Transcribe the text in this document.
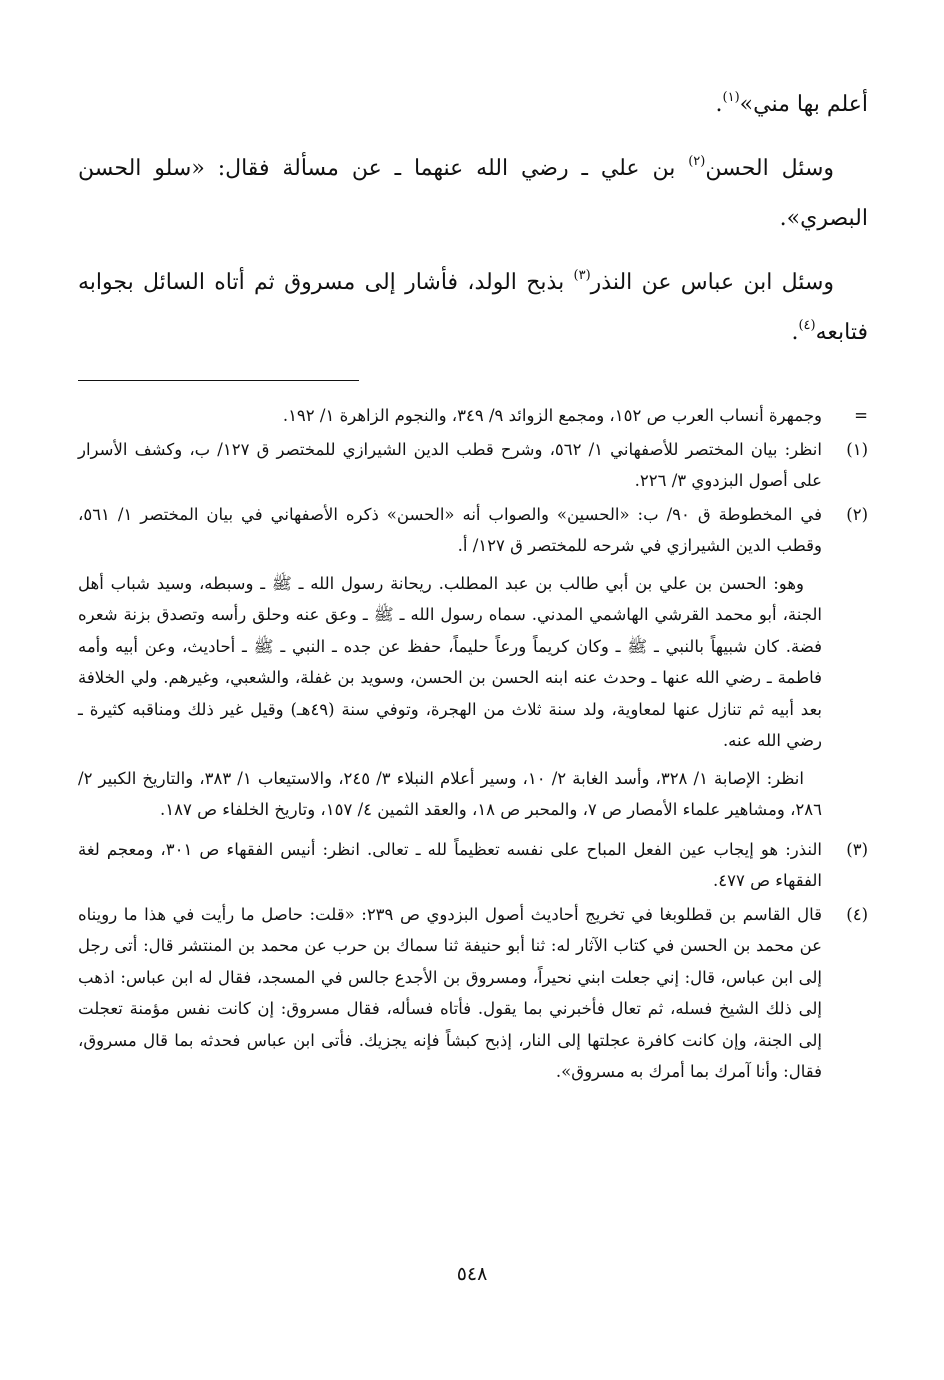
أعلم بها مني»$^{(١)}$.

وسئل الحسن$^{(٢)}$ بن علي ـ رضي الله عنهما ـ عن مسألة فقال: «سلو الحسن البصري».

وسئل ابن عباس عن النذر$^{(٣)}$ بذبح الولد، فأشار إلى مسروق ثم أتاه السائل بجوابه فتابعه$^{(٤)}$.

=
وجمهرة أنساب العرب ص ١٥٢، ومجمع الزوائد ٩/ ٣٤٩، والنجوم الزاهرة ١/ ١٩٢.
(١)
انظر: بيان المختصر للأصفهاني ١/ ٥٦٢، وشرح قطب الدين الشيرازي للمختصر ق ١٢٧/ ب، وكشف الأسرار على أصول البزدوي ٣/ ٢٢٦.
(٢)

في المخطوطة ق ٩٠/ ب: «الحسين» والصواب أنه «الحسن» ذكره الأصفهاني في بيان المختصر ١/ ٥٦١، وقطب الدين الشيرازي في شرحه للمختصر ق ١٢٧/ أ.

وهو: الحسن بن علي بن أبي طالب بن عبد المطلب. ريحانة رسول الله ـ ﷺ ـ وسبطه، وسيد شباب أهل الجنة، أبو محمد القرشي الهاشمي المدني. سماه رسول الله ـ ﷺ ـ وعق عنه وحلق رأسه وتصدق بزنة شعره فضة. كان شبيهاً بالنبي ـ ﷺ ـ وكان كريماً ورعاً حليماً، حفظ عن جده ـ النبي ـ ﷺ ـ أحاديث، وعن أبيه وأمه فاطمة ـ رضي الله عنها ـ وحدث عنه ابنه الحسن بن الحسن، وسويد بن غفلة، والشعبي، وغيرهم. ولي الخلافة بعد أبيه ثم تنازل عنها لمعاوية، ولد سنة ثلاث من الهجرة، وتوفي سنة (٤٩هـ) وقيل غير ذلك ومناقبه كثيرة ـ رضي الله عنه.

انظر: الإصابة ١/ ٣٢٨، وأسد الغابة ٢/ ١٠، وسير أعلام النبلاء ٣/ ٢٤٥، والاستيعاب ١/ ٣٨٣، والتاريخ الكبير ٢/ ٢٨٦، ومشاهير علماء الأمصار ص ٧، والمحبر ص ١٨، والعقد الثمين ٤/ ١٥٧، وتاريخ الخلفاء ص ١٨٧.

(٣)
النذر: هو إيجاب عين الفعل المباح على نفسه تعظيماً لله ـ تعالى. انظر: أنيس الفقهاء ص ٣٠١، ومعجم لغة الفقهاء ص ٤٧٧.
(٤)
قال القاسم بن قطلوبغا في تخريج أحاديث أصول البزدوي ص ٢٣٩: «قلت: حاصل ما رأيت في هذا ما رويناه عن محمد بن الحسن في كتاب الآثار له: ثنا أبو حنيفة ثنا سماك بن حرب عن محمد بن المنتشر قال: أتى رجل إلى ابن عباس، قال: إني جعلت ابني نحيراً، ومسروق بن الأجدع جالس في المسجد، فقال له ابن عباس: اذهب إلى ذلك الشيخ فسله، ثم تعال فأخبرني بما يقول. فأتاه فسأله، فقال مسروق: إن كانت نفس مؤمنة تعجلت إلى الجنة، وإن كانت كافرة عجلتها إلى النار، إذبح كبشاً فإنه يجزيك. فأتى ابن عباس فحدثه بما قال مسروق، فقال: وأنا آمرك بما أمرك به مسروق».
٥٤٨
